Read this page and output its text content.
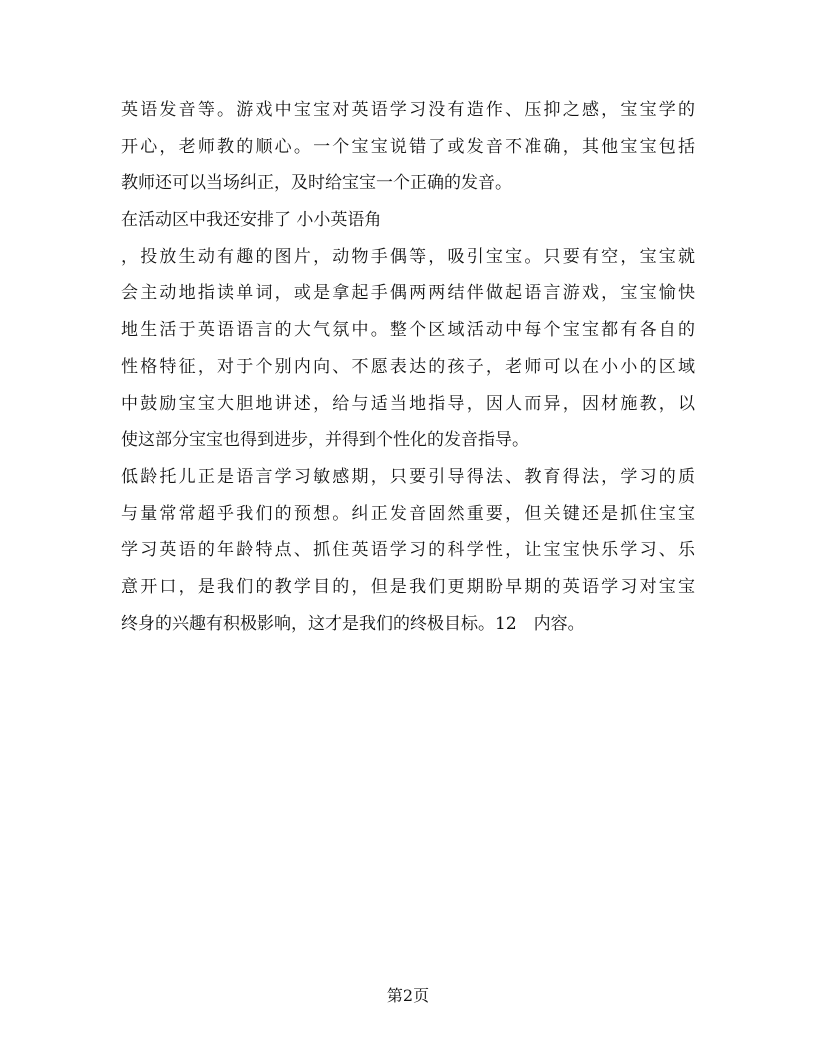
英语发音等。游戏中宝宝对英语学习没有造作、压抑之感，宝宝学的
开心，老师教的顺心。一个宝宝说错了或发音不准确，其他宝宝包括
教师还可以当场纠正，及时给宝宝一个正确的发音。
在活动区中我还安排了 小小英语角
，投放生动有趣的图片，动物手偶等，吸引宝宝。只要有空，宝宝就
会主动地指读单词，或是拿起手偶两两结伴做起语言游戏，宝宝愉快
地生活于英语语言的大气氛中。整个区域活动中每个宝宝都有各自的
性格特征，对于个别内向、不愿表达的孩子，老师可以在小小的区域
中鼓励宝宝大胆地讲述，给与适当地指导，因人而异，因材施教，以
使这部分宝宝也得到进步，并得到个性化的发音指导。
低龄托儿正是语言学习敏感期，只要引导得法、教育得法，学习的质
与量常常超乎我们的预想。纠正发音固然重要，但关键还是抓住宝宝
学习英语的年龄特点、抓住英语学习的科学性，让宝宝快乐学习、乐
意开口，是我们的教学目的，但是我们更期盼早期的英语学习对宝宝
终身的兴趣有积极影响，这才是我们的终极目标。12　内容。
第2页
